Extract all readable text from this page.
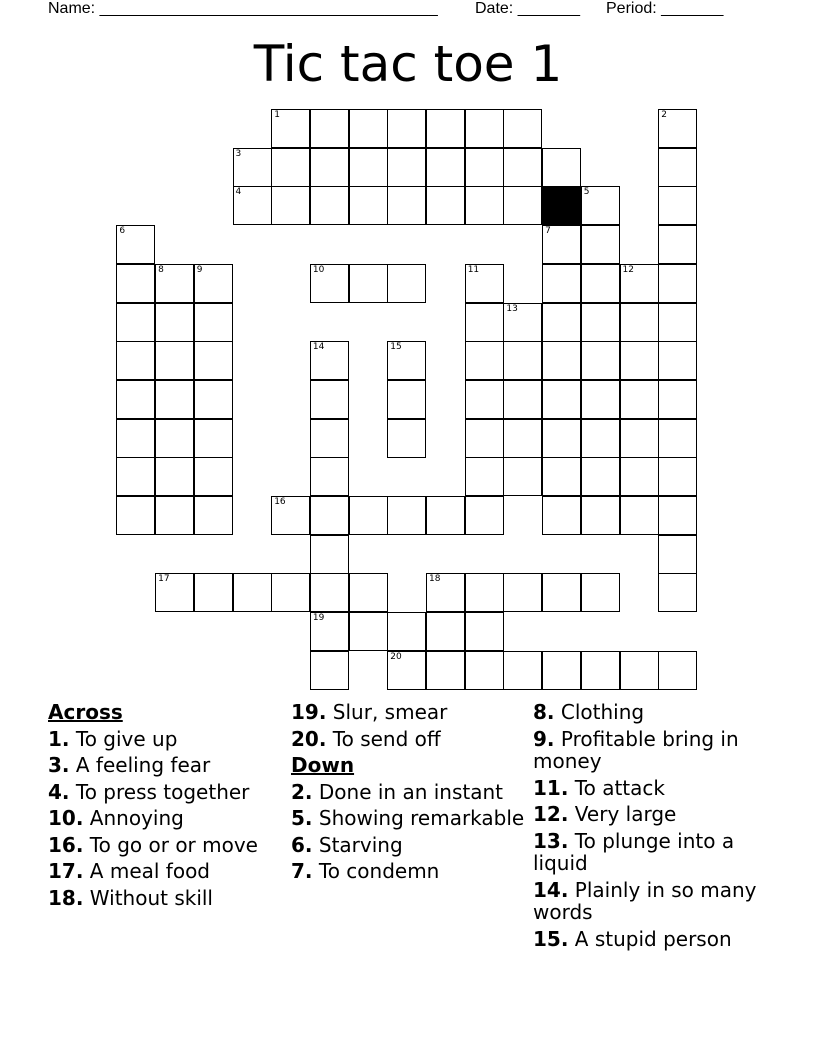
Name: ______________________________________ Date: _______ Period: _______
Tic tac toe 1
1	2
3
4	5
6	7
8	9	10	11	12
13
14	15
16
17	18
19
20
Across
1. To give up
3. A feeling fear
4. To press together
10. Annoying
16. To go or or move
17. A meal food
18. Without skill
19. Slur, smear
20. To send off
Down
2. Done in an instant
5. Showing remarkable
6. Starving
7. To condemn
8. Clothing
9. Profitable bring in money
11. To attack
12. Very large
13. To plunge into a liquid
14. Plainly in so many words
15. A stupid person
